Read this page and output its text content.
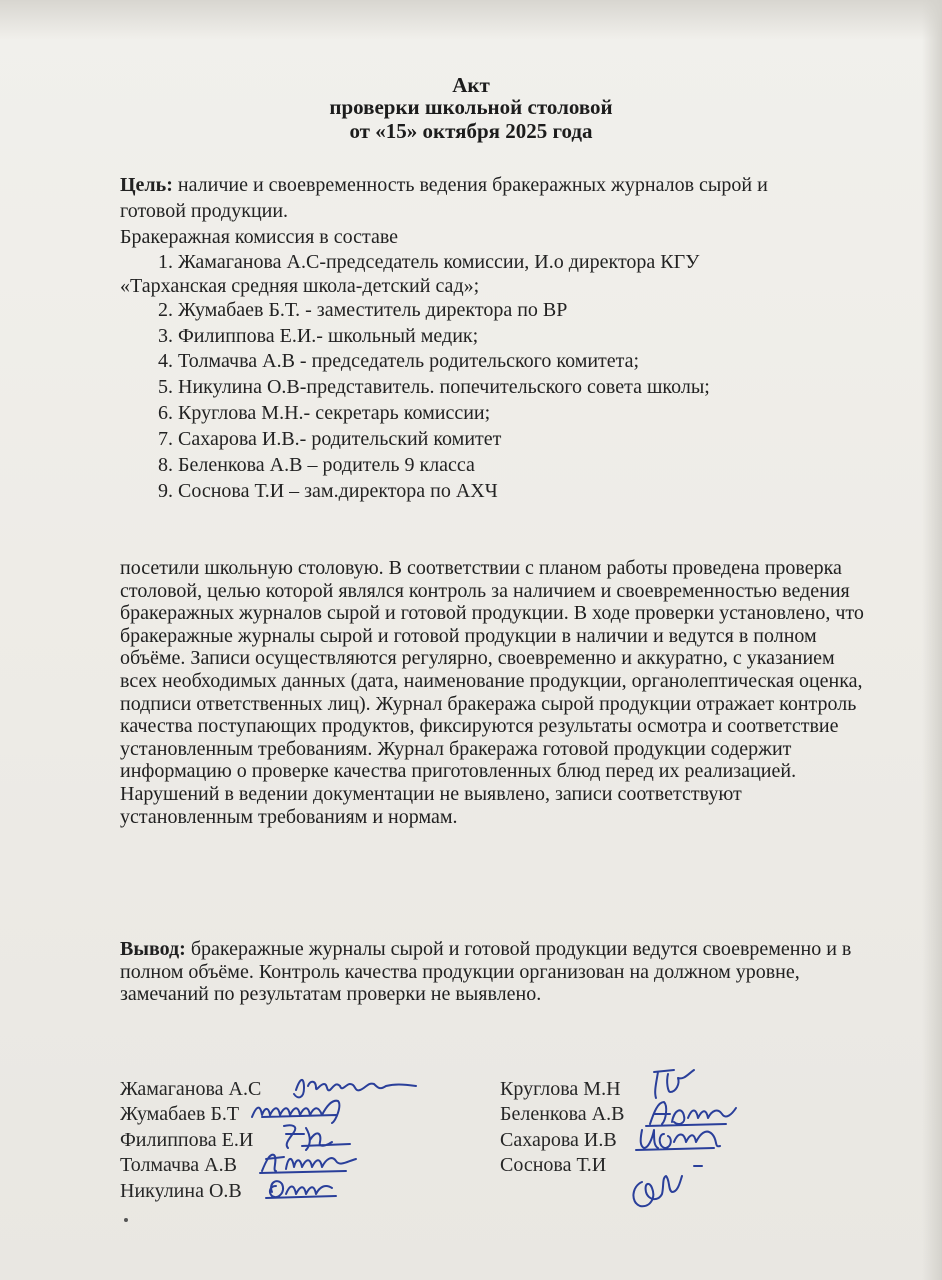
Акт
проверки школьной столовой
от «15» октября 2025 года
Цель: наличие и своевременность ведения бракеражных журналов сырой и
готовой продукции.
Бракеражная комиссия в составе
1. Жамаганова А.С-председатель комиссии, И.о директора КГУ
«Тарханская средняя школа-детский сад»;
2. Жумабаев Б.Т. - заместитель директора по ВР
3. Филиппова Е.И.- школьный медик;
4. Толмачва А.В - председатель родительского комитета;
5. Никулина О.В-представитель. попечительского совета школы;
6. Круглова М.Н.- секретарь комиссии;
7. Сахарова И.В.- родительский комитет
8. Беленкова А.В – родитель 9 класса
9. Соснова Т.И – зам.директора по АХЧ
посетили школьную столовую. В соответствии с планом работы проведена проверка столовой, целью которой являлся контроль за наличием и своевременностью ведения бракеражных журналов сырой и готовой продукции. В ходе проверки установлено, что бракеражные журналы сырой и готовой продукции в наличии и ведутся в полном объёме. Записи осуществляются регулярно, своевременно и аккуратно, с указанием всех необходимых данных (дата, наименование продукции, органолептическая оценка, подписи ответственных лиц). Журнал бракеража сырой продукции отражает контроль качества поступающих продуктов, фиксируются результаты осмотра и соответствие установленным требованиям. Журнал бракеража готовой продукции содержит информацию о проверке качества приготовленных блюд перед их реализацией. Нарушений в ведении документации не выявлено, записи соответствуют установленным требованиям и нормам.
Вывод: бракеражные журналы сырой и готовой продукции ведутся своевременно и в полном объёме. Контроль качества продукции организован на должном уровне, замечаний по результатам проверки не выявлено.
Жамаганова А.С
Жумабаев Б.Т
Филиппова Е.И
Толмачва А.В
Никулина О.В
Круглова М.Н
Беленкова А.В
Сахарова И.В
Соснова Т.И
